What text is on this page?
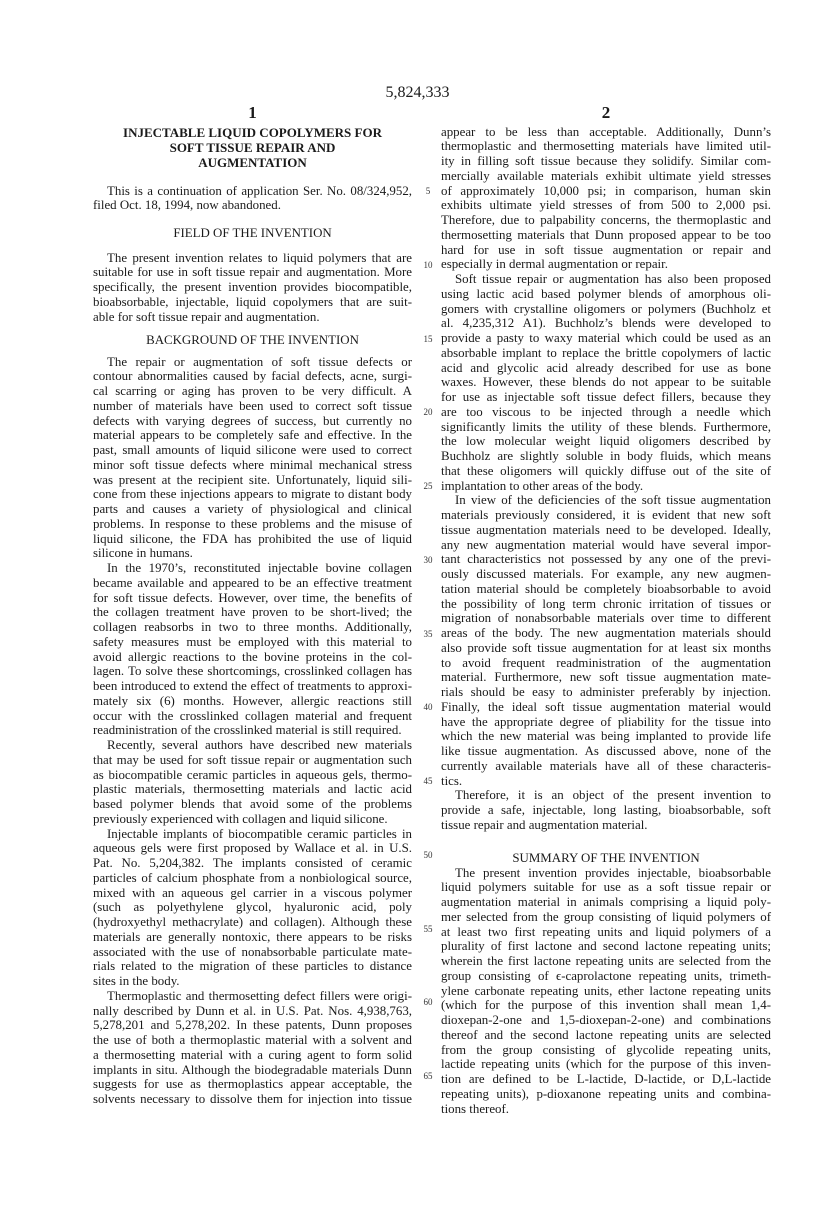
5,824,333
1	2
INJECTABLE LIQUID COPOLYMERS FOR
SOFT TISSUE REPAIR AND
AUGMENTATION
This is a continuation of application Ser. No. 08/324,952,
filed Oct. 18, 1994, now abandoned.
FIELD OF THE INVENTION
The present invention relates to liquid polymers that are
suitable for use in soft tissue repair and augmentation. More
specifically, the present invention provides biocompatible,
bioabsorbable, injectable, liquid copolymers that are suit-
able for soft tissue repair and augmentation.
BACKGROUND OF THE INVENTION
The repair or augmentation of soft tissue defects or
contour abnormalities caused by facial defects, acne, surgi-
cal scarring or aging has proven to be very difficult. A
number of materials have been used to correct soft tissue
defects with varying degrees of success, but currently no
material appears to be completely safe and effective. In the
past, small amounts of liquid silicone were used to correct
minor soft tissue defects where minimal mechanical stress
was present at the recipient site. Unfortunately, liquid sili-
cone from these injections appears to migrate to distant body
parts and causes a variety of physiological and clinical
problems. In response to these problems and the misuse of
liquid silicone, the FDA has prohibited the use of liquid
silicone in humans.
In the 1970’s, reconstituted injectable bovine collagen
became available and appeared to be an effective treatment
for soft tissue defects. However, over time, the benefits of
the collagen treatment have proven to be short-lived; the
collagen reabsorbs in two to three months. Additionally,
safety measures must be employed with this material to
avoid allergic reactions to the bovine proteins in the col-
lagen. To solve these shortcomings, crosslinked collagen has
been introduced to extend the effect of treatments to approxi-
mately six (6) months. However, allergic reactions still
occur with the crosslinked collagen material and frequent
readministration of the crosslinked material is still required.
Recently, several authors have described new materials
that may be used for soft tissue repair or augmentation such
as biocompatible ceramic particles in aqueous gels, thermo-
plastic materials, thermosetting materials and lactic acid
based polymer blends that avoid some of the problems
previously experienced with collagen and liquid silicone.
Injectable implants of biocompatible ceramic particles in
aqueous gels were first proposed by Wallace et al. in U.S.
Pat. No. 5,204,382. The implants consisted of ceramic
particles of calcium phosphate from a nonbiological source,
mixed with an aqueous gel carrier in a viscous polymer
(such as polyethylene glycol, hyaluronic acid, poly
(hydroxyethyl methacrylate) and collagen). Although these
materials are generally nontoxic, there appears to be risks
associated with the use of nonabsorbable particulate mate-
rials related to the migration of these particles to distance
sites in the body.
Thermoplastic and thermosetting defect fillers were origi-
nally described by Dunn et al. in U.S. Pat. Nos. 4,938,763,
5,278,201 and 5,278,202. In these patents, Dunn proposes
the use of both a thermoplastic material with a solvent and
a thermosetting material with a curing agent to form solid
implants in situ. Although the biodegradable materials Dunn
suggests for use as thermoplastics appear acceptable, the
solvents necessary to dissolve them for injection into tissue
5
10
15
20
25
30
35
40
45
50
55
60
65
appear to be less than acceptable. Additionally, Dunn’s
thermoplastic and thermosetting materials have limited util-
ity in filling soft tissue because they solidify. Similar com-
mercially available materials exhibit ultimate yield stresses
of approximately 10,000 psi; in comparison, human skin
exhibits ultimate yield stresses of from 500 to 2,000 psi.
Therefore, due to palpability concerns, the thermoplastic and
thermosetting materials that Dunn proposed appear to be too
hard for use in soft tissue augmentation or repair and
especially in dermal augmentation or repair.
Soft tissue repair or augmentation has also been proposed
using lactic acid based polymer blends of amorphous oli-
gomers with crystalline oligomers or polymers (Buchholz et
al. 4,235,312 A1). Buchholz’s blends were developed to
provide a pasty to waxy material which could be used as an
absorbable implant to replace the brittle copolymers of lactic
acid and glycolic acid already described for use as bone
waxes. However, these blends do not appear to be suitable
for use as injectable soft tissue defect fillers, because they
are too viscous to be injected through a needle which
significantly limits the utility of these blends. Furthermore,
the low molecular weight liquid oligomers described by
Buchholz are slightly soluble in body fluids, which means
that these oligomers will quickly diffuse out of the site of
implantation to other areas of the body.
In view of the deficiencies of the soft tissue augmentation
materials previously considered, it is evident that new soft
tissue augmentation materials need to be developed. Ideally,
any new augmentation material would have several impor-
tant characteristics not possessed by any one of the previ-
ously discussed materials. For example, any new augmen-
tation material should be completely bioabsorbable to avoid
the possibility of long term chronic irritation of tissues or
migration of nonabsorbable materials over time to different
areas of the body. The new augmentation materials should
also provide soft tissue augmentation for at least six months
to avoid frequent readministration of the augmentation
material. Furthermore, new soft tissue augmentation mate-
rials should be easy to administer preferably by injection.
Finally, the ideal soft tissue augmentation material would
have the appropriate degree of pliability for the tissue into
which the new material was being implanted to provide life
like tissue augmentation. As discussed above, none of the
currently available materials have all of these characteris-
tics.
Therefore, it is an object of the present invention to
provide a safe, injectable, long lasting, bioabsorbable, soft
tissue repair and augmentation material.
SUMMARY OF THE INVENTION
The present invention provides injectable, bioabsorbable
liquid polymers suitable for use as a soft tissue repair or
augmentation material in animals comprising a liquid poly-
mer selected from the group consisting of liquid polymers of
at least two first repeating units and liquid polymers of a
plurality of first lactone and second lactone repeating units;
wherein the first lactone repeating units are selected from the
group consisting of ϵ-caprolactone repeating units, trimeth-
ylene carbonate repeating units, ether lactone repeating units
(which for the purpose of this invention shall mean 1,4-
dioxepan-2-one and 1,5-dioxepan-2-one) and combinations
thereof and the second lactone repeating units are selected
from the group consisting of glycolide repeating units,
lactide repeating units (which for the purpose of this inven-
tion are defined to be L-lactide, D-lactide, or D,L-lactide
repeating units), p-dioxanone repeating units and combina-
tions thereof.
